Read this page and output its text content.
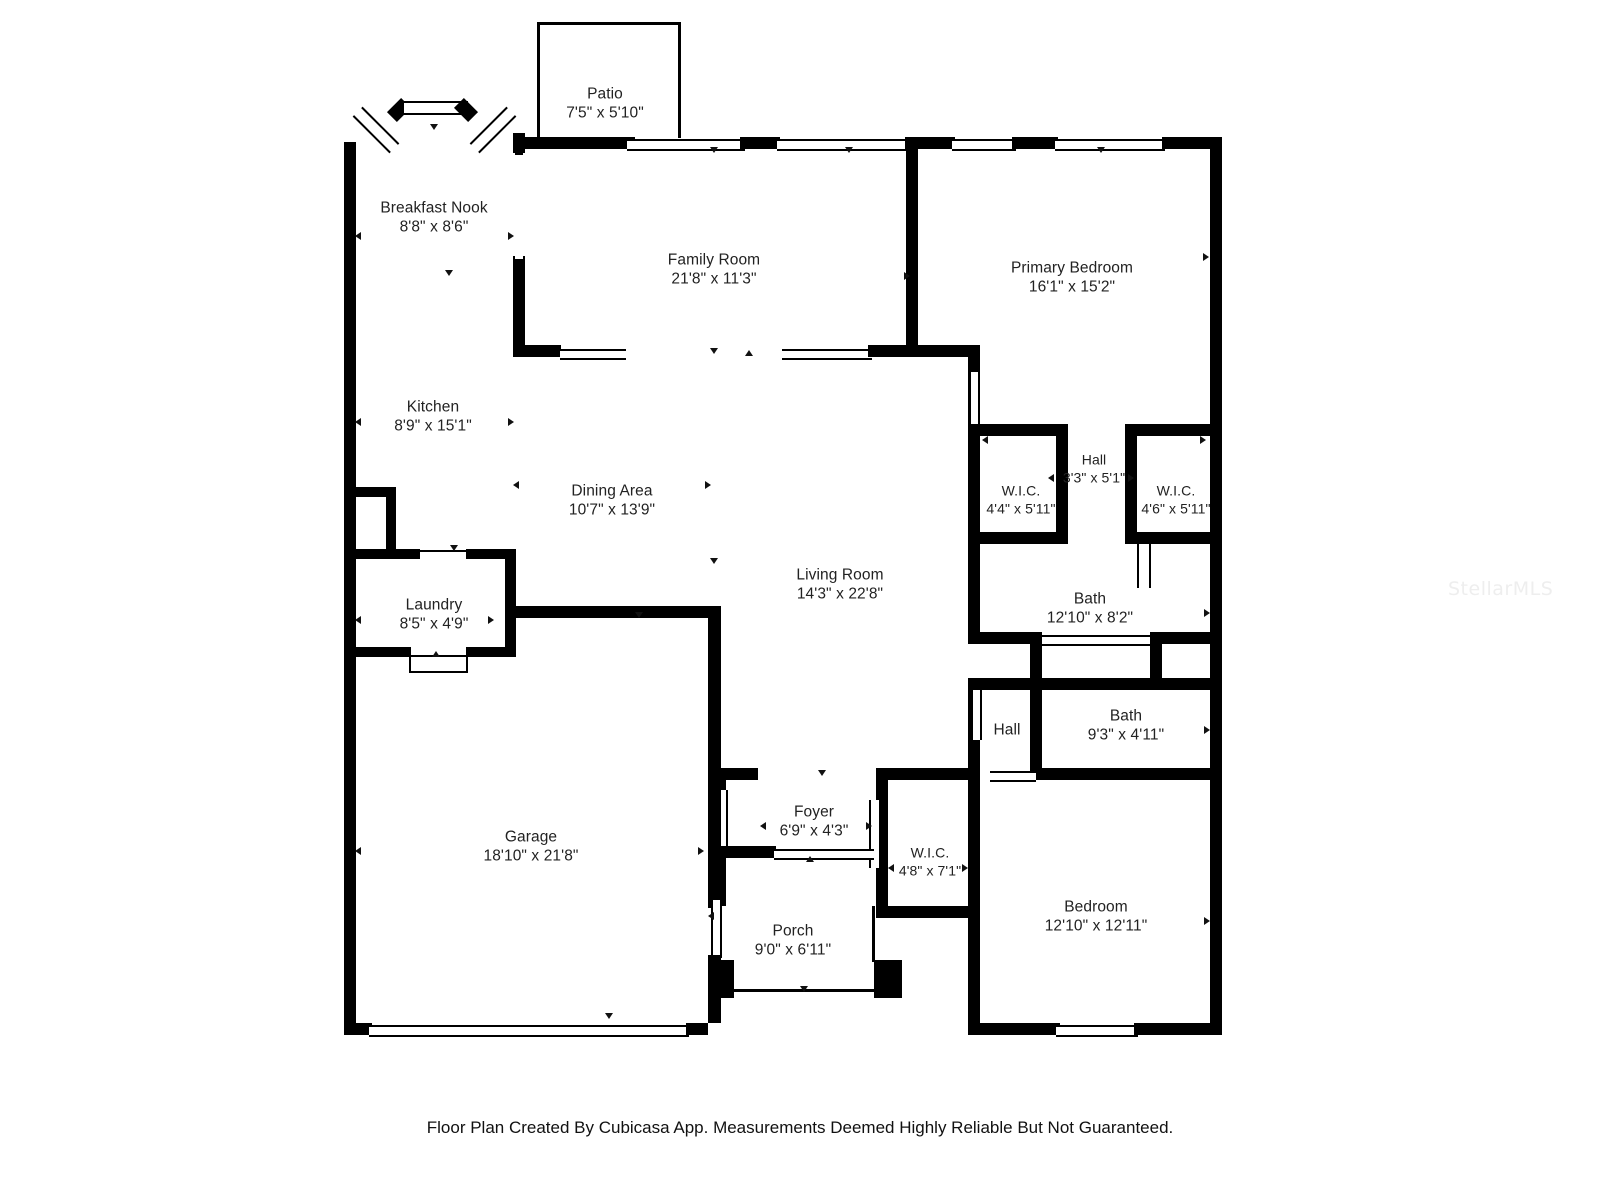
Patio
7'5" x 5'10"
Breakfast Nook
8'8" x 8'6"
Family Room
21'8" x 11'3"
Primary Bedroom
16'1" x 15'2"
Kitchen
8'9" x 15'1"
Hall
3'3" x 5'1"
W.I.C.
4'4" x 5'11"
W.I.C.
4'6" x 5'11"
Dining Area
10'7" x 13'9"
Living Room
14'3" x 22'8"	Bath
12'10" x 8'2"
Laundry
8'5" x 4'9"
Hall
Bath
9'3" x 4'11"
Foyer
6'9" x 4'3"
Garage
18'10" x 21'8"	W.I.C.
4'8" x 7'1"
Bedroom
12'10" x 12'11"
Porch
9'0" x 6'11"
StellarMLS
Floor Plan Created By Cubicasa App. Measurements Deemed Highly Reliable But Not Guaranteed.
